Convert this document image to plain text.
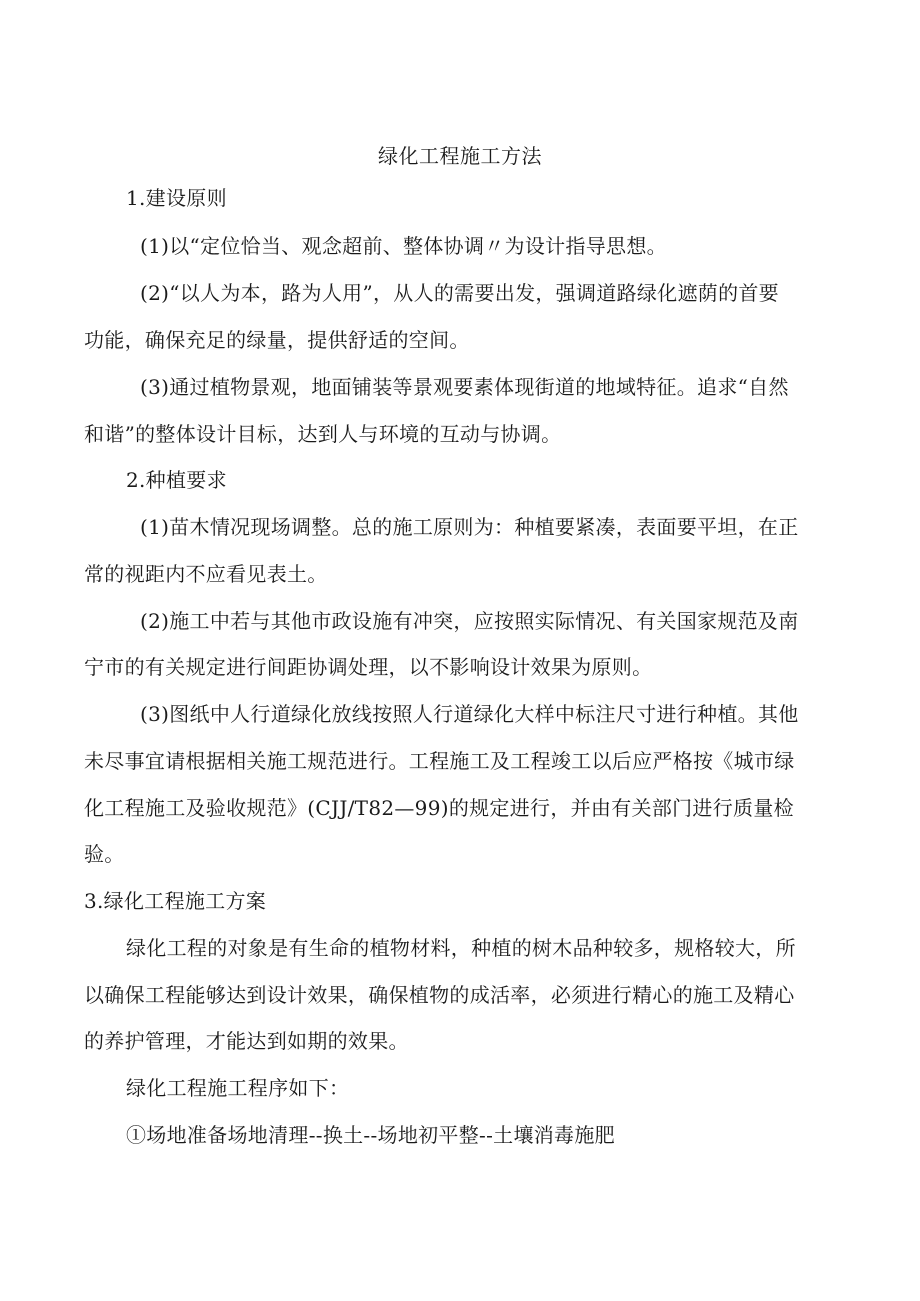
绿化工程施工方法
1.建设原则
(1)以“定位恰当、观念超前、整体协调〃为设计指导思想。
(2)“以人为本，路为人用”，从人的需要出发，强调道路绿化遮荫的首要
功能，确保充足的绿量，提供舒适的空间。
(3)通过植物景观，地面铺装等景观要素体现街道的地域特征。追求“自然
和谐”的整体设计目标，达到人与环境的互动与协调。
2.种植要求
(1)苗木情况现场调整。总的施工原则为：种植要紧凑，表面要平坦，在正
常的视距内不应看见表土。
(2)施工中若与其他市政设施有冲突，应按照实际情况、有关国家规范及南
宁市的有关规定进行间距协调处理，以不影响设计效果为原则。
(3)图纸中人行道绿化放线按照人行道绿化大样中标注尺寸进行种植。其他
未尽事宜请根据相关施工规范进行。工程施工及工程竣工以后应严格按《城市绿
化工程施工及验收规范》(CJJ/T82—99)的规定进行，并由有关部门进行质量检
验。
3.绿化工程施工方案
绿化工程的对象是有生命的植物材料，种植的树木品种较多，规格较大，所
以确保工程能够达到设计效果，确保植物的成活率，必须进行精心的施工及精心
的养护管理，才能达到如期的效果。
绿化工程施工程序如下：
①场地准备场地清理--换土--场地初平整--土壤消毒施肥
